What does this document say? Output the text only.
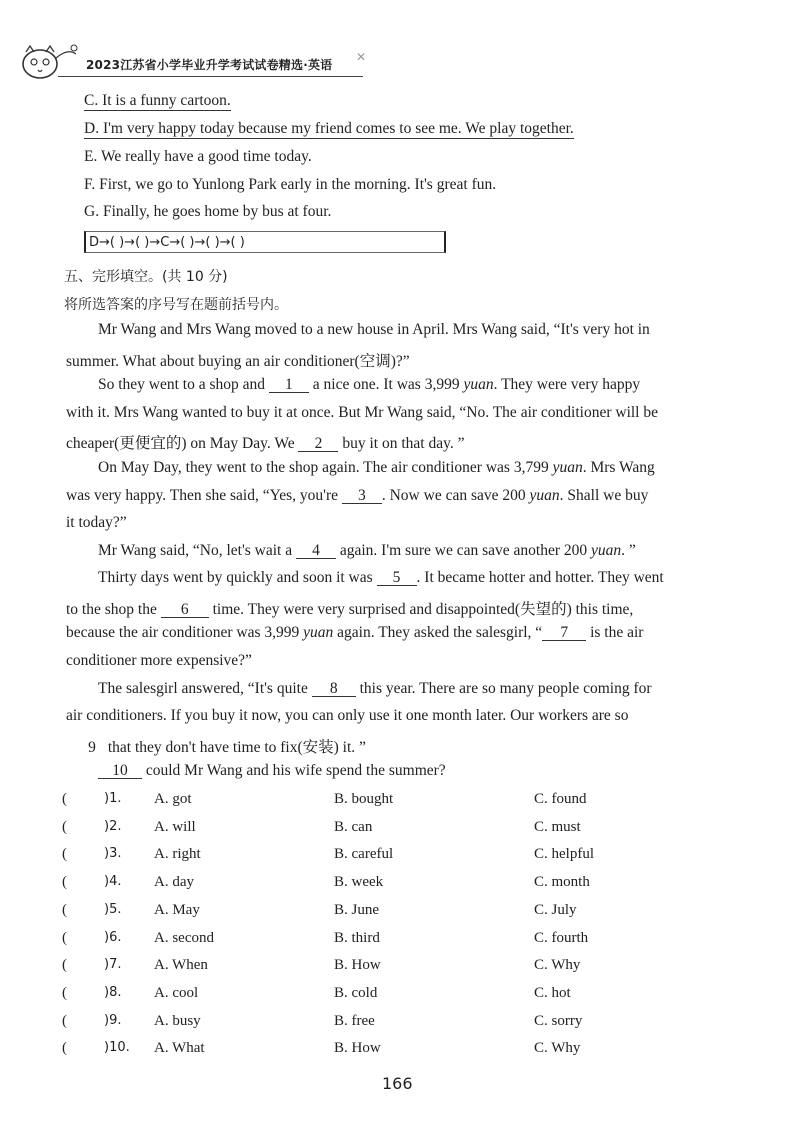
2023江苏省小学毕业升学考试试卷精选·英语
✕
C. It is a funny cartoon.
D. I'm very happy today because my friend comes to see me. We play together.
E. We really have a good time today.
F. First, we go to Yunlong Park early in the morning. It's great fun.
G. Finally, he goes home by bus at four.
D→( )→( )→C→( )→( )→( )
五、完形填空。(共 10 分)
将所选答案的序号写在题前括号内。
Mr Wang and Mrs Wang moved to a new house in April. Mrs Wang said, “It's very hot in
summer. What about buying an air conditioner(空调)?”
So they went to a shop and 1 a nice one. It was 3,999 yuan. They were very happy
with it. Mrs Wang wanted to buy it at once. But Mr Wang said, “No. The air conditioner will be
cheaper(更便宜的) on May Day. We 2 buy it on that day. ”
On May Day, they went to the shop again. The air conditioner was 3,799 yuan. Mrs Wang
was very happy. Then she said, “Yes, you're 3 . Now we can save 200 yuan. Shall we buy
it today?”
Mr Wang said, “No, let's wait a 4 again. I'm sure we can save another 200 yuan. ”
Thirty days went by quickly and soon it was 5 . It became hotter and hotter. They went
to the shop the 6 time. They were very surprised and disappointed(失望的) this time,
because the air conditioner was 3,999 yuan again. They asked the salesgirl, “ 7 is the air
conditioner more expensive?”
The salesgirl answered, “It's quite 8 this year. There are so many people coming for
air conditioners. If you buy it now, you can only use it one month later. Our workers are so
9 that they don't have time to fix(安装) it. ”
10 could Mr Wang and his wife spend the summer?
(	)1. A. got	B. bought	C. found
(	)2. A. will	B. can	C. must
(	)3. A. right	B. careful	C. helpful
(	)4. A. day	B. week	C. month
(	)5. A. May	B. June	C. July
(	)6. A. second	B. third	C. fourth
(	)7. A. When	B. How	C. Why
(	)8. A. cool	B. cold	C. hot
(	)9. A. busy	B. free	C. sorry
(	)10. A. What	B. How	C. Why
166
